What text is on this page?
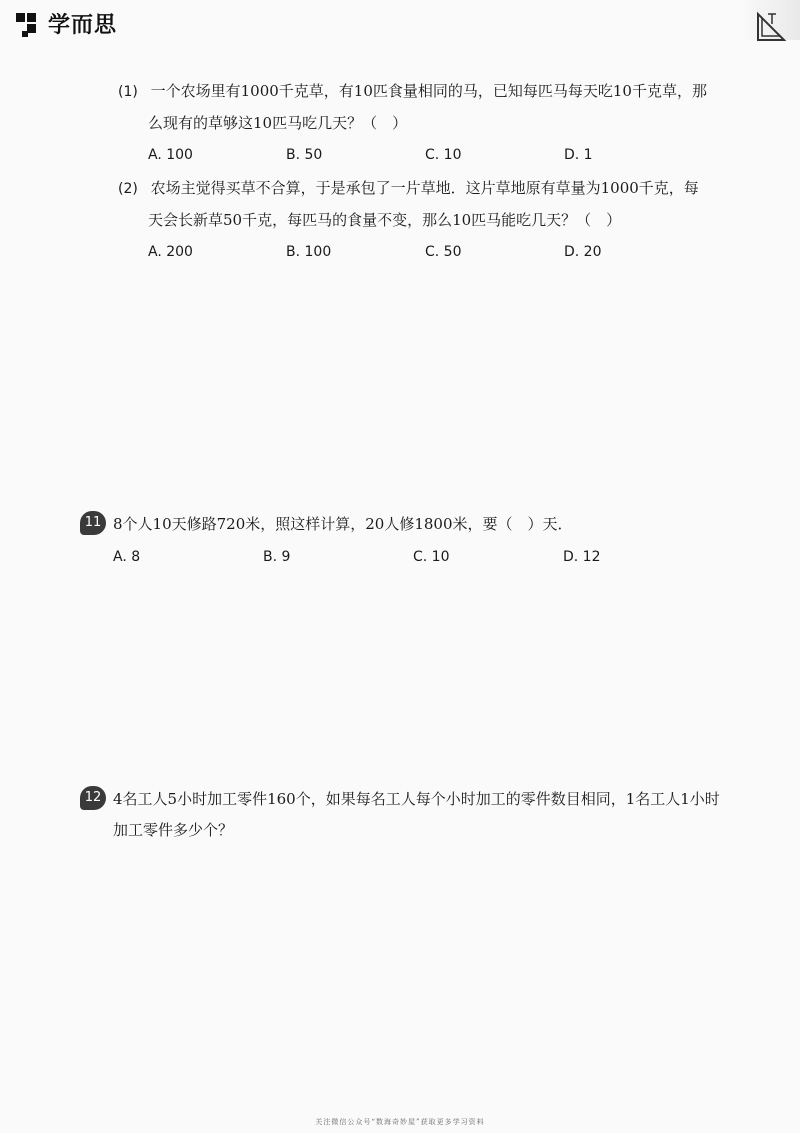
学而思
(1) 一个农场里有1000千克草，有10匹食量相同的马，已知每匹马每天吃10千克草，那
么现有的草够这10匹马吃几天？（　）
A. 100	B. 50	C. 10	D. 1
(2) 农场主觉得买草不合算，于是承包了一片草地．这片草地原有草量为1000千克，每
天会长新草50千克，每匹马的食量不变，那么10匹马能吃几天？（　）
A. 200	B. 100	C. 50	D. 20
11 8个人10天修路720米，照这样计算，20人修1800米，要（　）天．
A. 8	B. 9	C. 10	D. 12
12 4名工人5小时加工零件160个，如果每名工人每个小时加工的零件数目相同，1名工人1小时
加工零件多少个？
关注微信公众号“数海奇妙屋”获取更多学习资料
